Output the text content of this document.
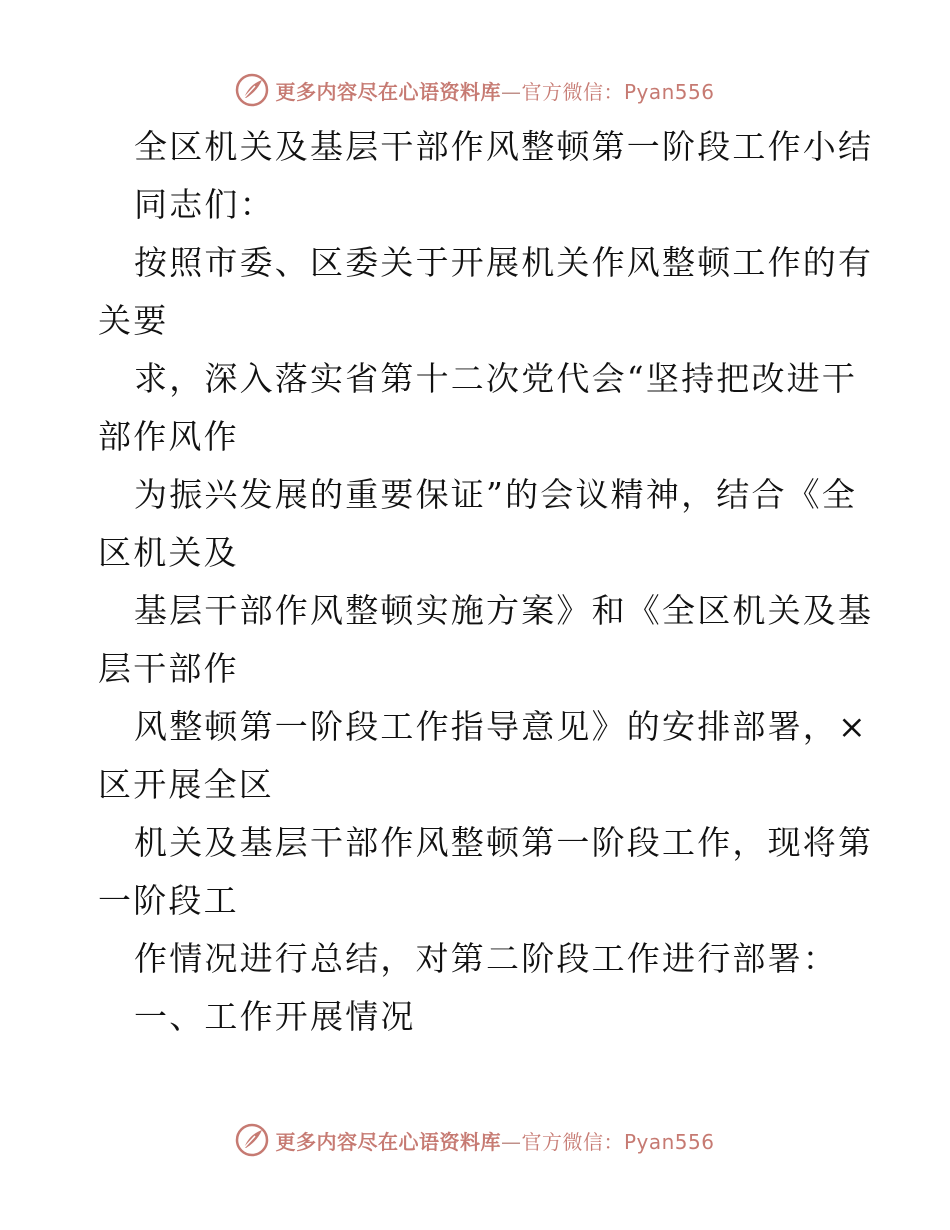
更多内容尽在心语资料库—官方微信：Pyan556
全区机关及基层干部作风整顿第一阶段工作小结
同志们：
按照市委、区委关于开展机关作风整顿工作的有
关要
求，深入落实省第十二次党代会“坚持把改进干
部作风作
为振兴发展的重要保证”的会议精神，结合《全
区机关及
基层干部作风整顿实施方案》和《全区机关及基
层干部作
风整顿第一阶段工作指导意见》的安排部署，×
区开展全区
机关及基层干部作风整顿第一阶段工作，现将第
一阶段工
作情况进行总结，对第二阶段工作进行部署：
一、工作开展情况
更多内容尽在心语资料库—官方微信：Pyan556
